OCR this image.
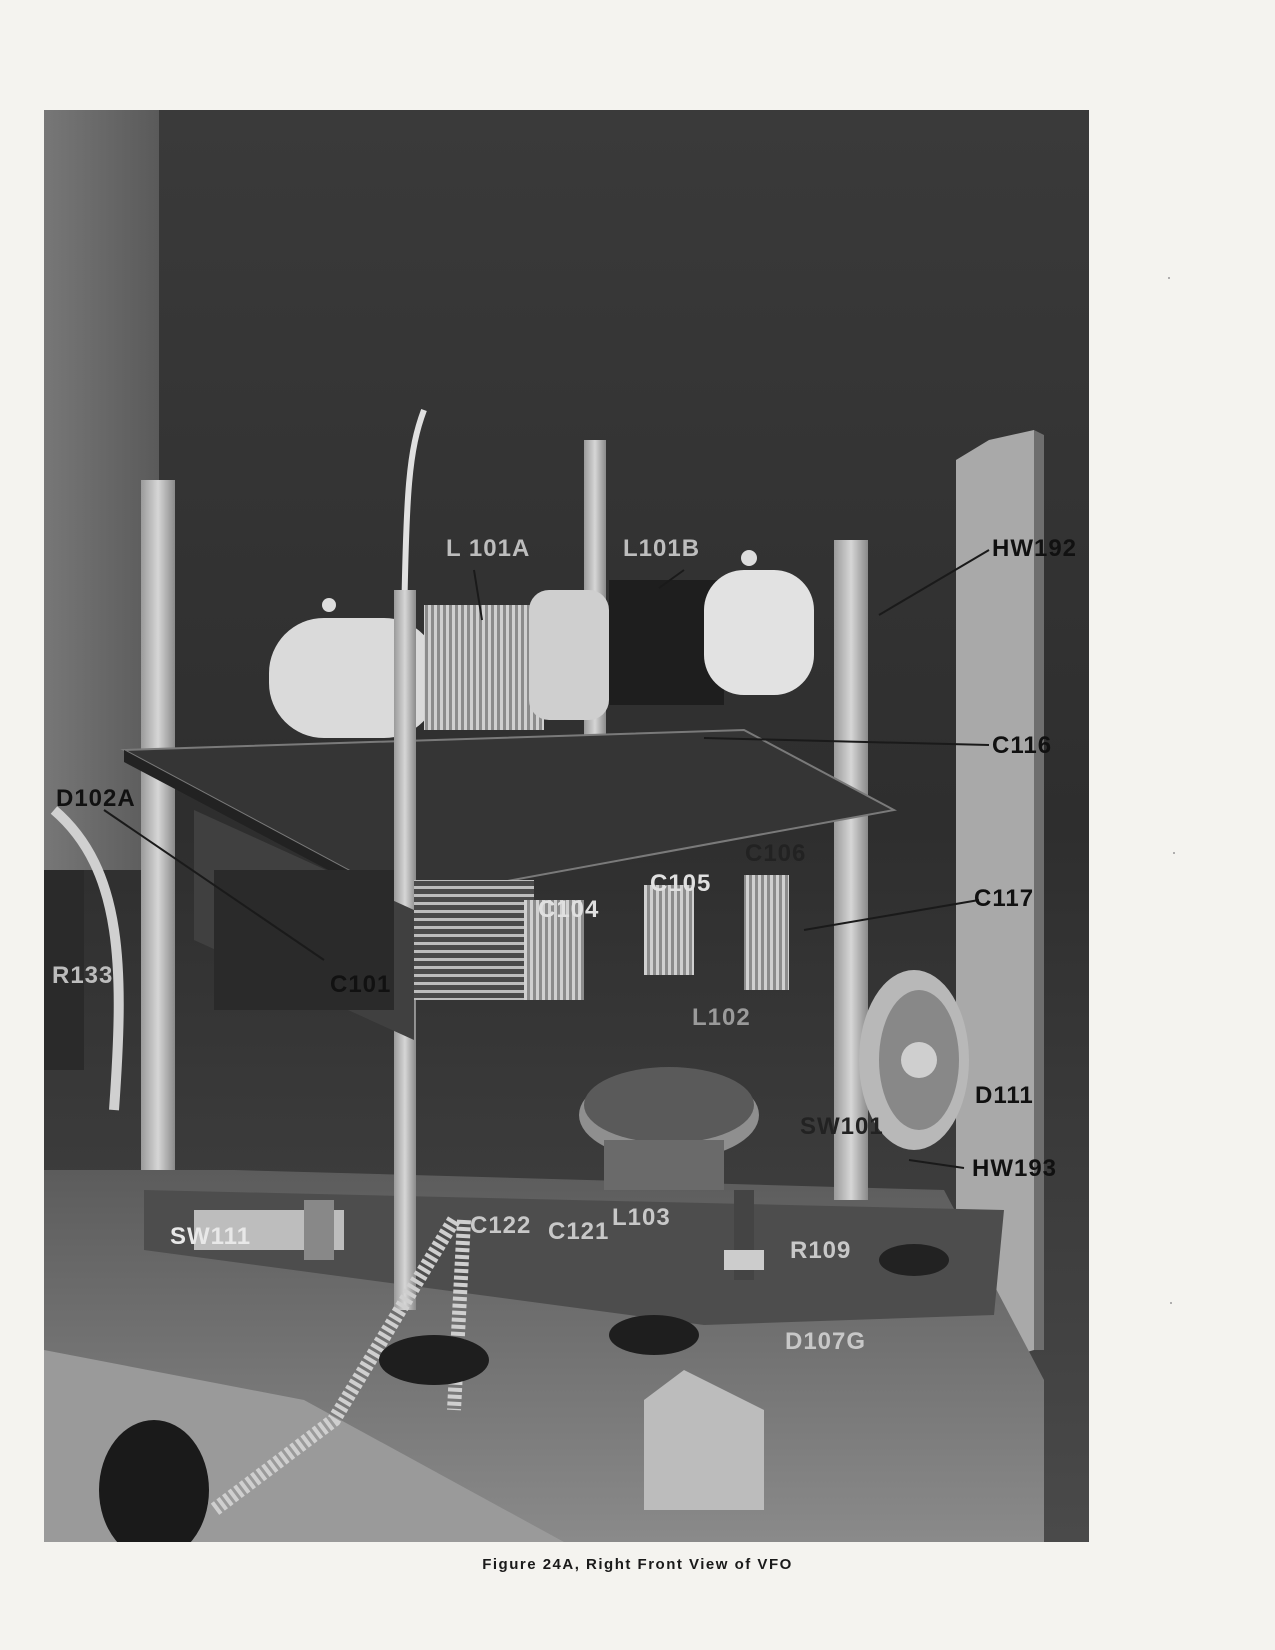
L 101A	L101B	HW192
C116
D102A
C106
C105
C104	C117
R133	C101
L102
D111
SW101
HW193
SW111	C122 C121
L103
R109
D107G
Figure 24A, Right Front View of VFO
